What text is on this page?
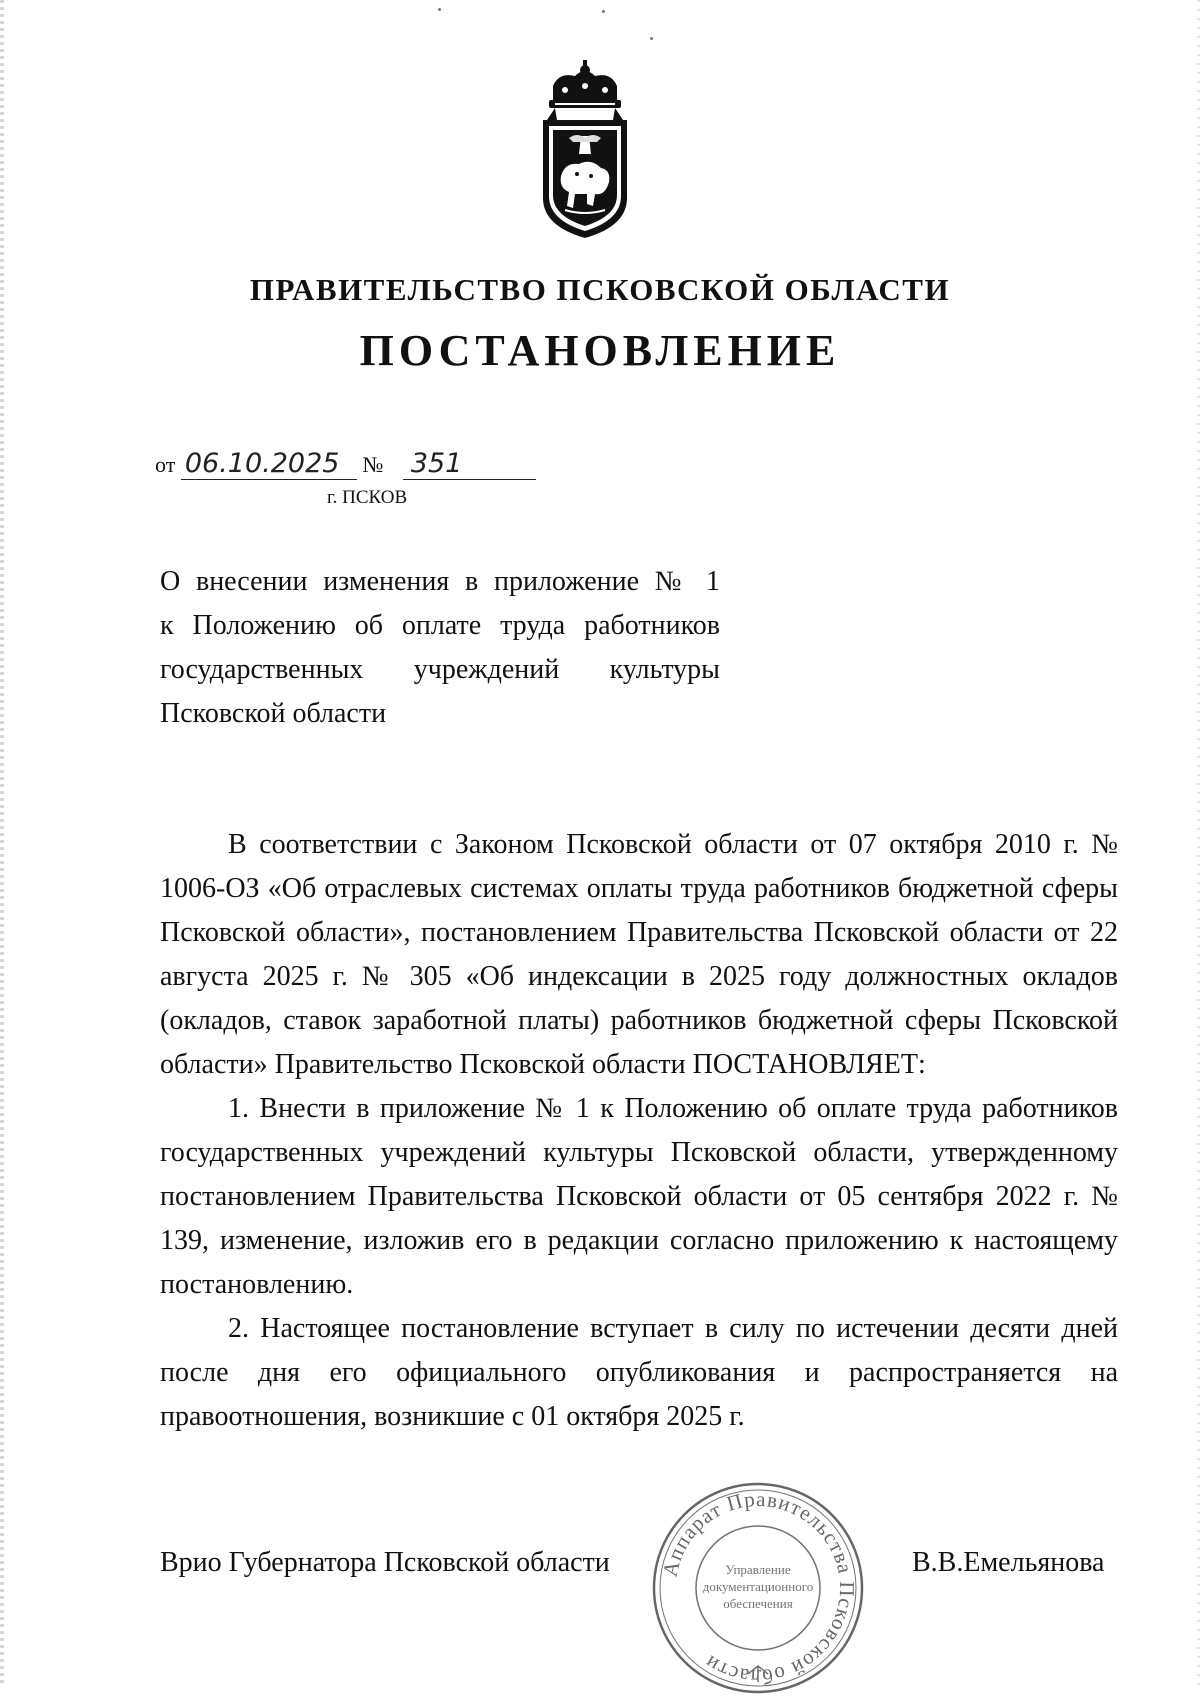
ПРАВИТЕЛЬСТВО ПСКОВСКОЙ ОБЛАСТИ
ПОСТАНОВЛЕНИЕ
от 06.10.2025 № 351
г. ПСКОВ
О внесении изменения в приложение № 1
к Положению об оплате труда работников
государственных учреждений культуры
Псковской области

В соответствии с Законом Псковской области от 07 октября 2010 г. № 1006-ОЗ «Об отраслевых системах оплаты труда работников бюджетной сферы Псковской области», постановлением Правительства Псковской области от 22 августа 2025 г. № 305 «Об индексации в 2025 году должностных окладов (окладов, ставок заработной платы) работников бюджетной сферы Псковской области» Правительство Псковской области ПОСТАНОВЛЯЕТ:

1. Внести в приложение № 1 к Положению об оплате труда работников государственных учреждений культуры Псковской области, утвержденному постановлением Правительства Псковской области от 05 сентября 2022 г. № 139, изменение, изложив его в редакции согласно приложению к настоящему постановлению.

2. Настоящее постановление вступает в силу по истечении десяти дней после дня его официального опубликования и распространяется на правоотношения, возникшие с 01 октября 2025 г.

Аппарат Правительства Псковской области
Управление
документационного
обеспечения
Врио Губернатора Псковской области	В.В.Емельянова
